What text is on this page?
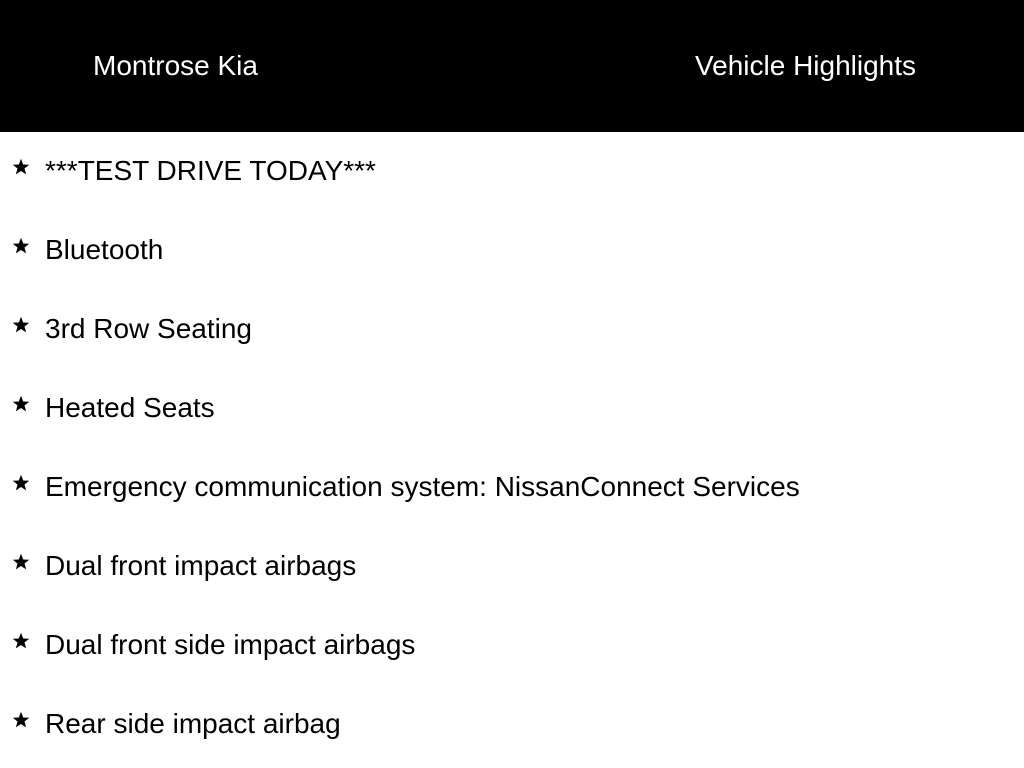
Montrose Kia	Vehicle Highlights
***TEST DRIVE TODAY***
Bluetooth
3rd Row Seating
Heated Seats
Emergency communication system: NissanConnect Services
Dual front impact airbags
Dual front side impact airbags
Rear side impact airbag
